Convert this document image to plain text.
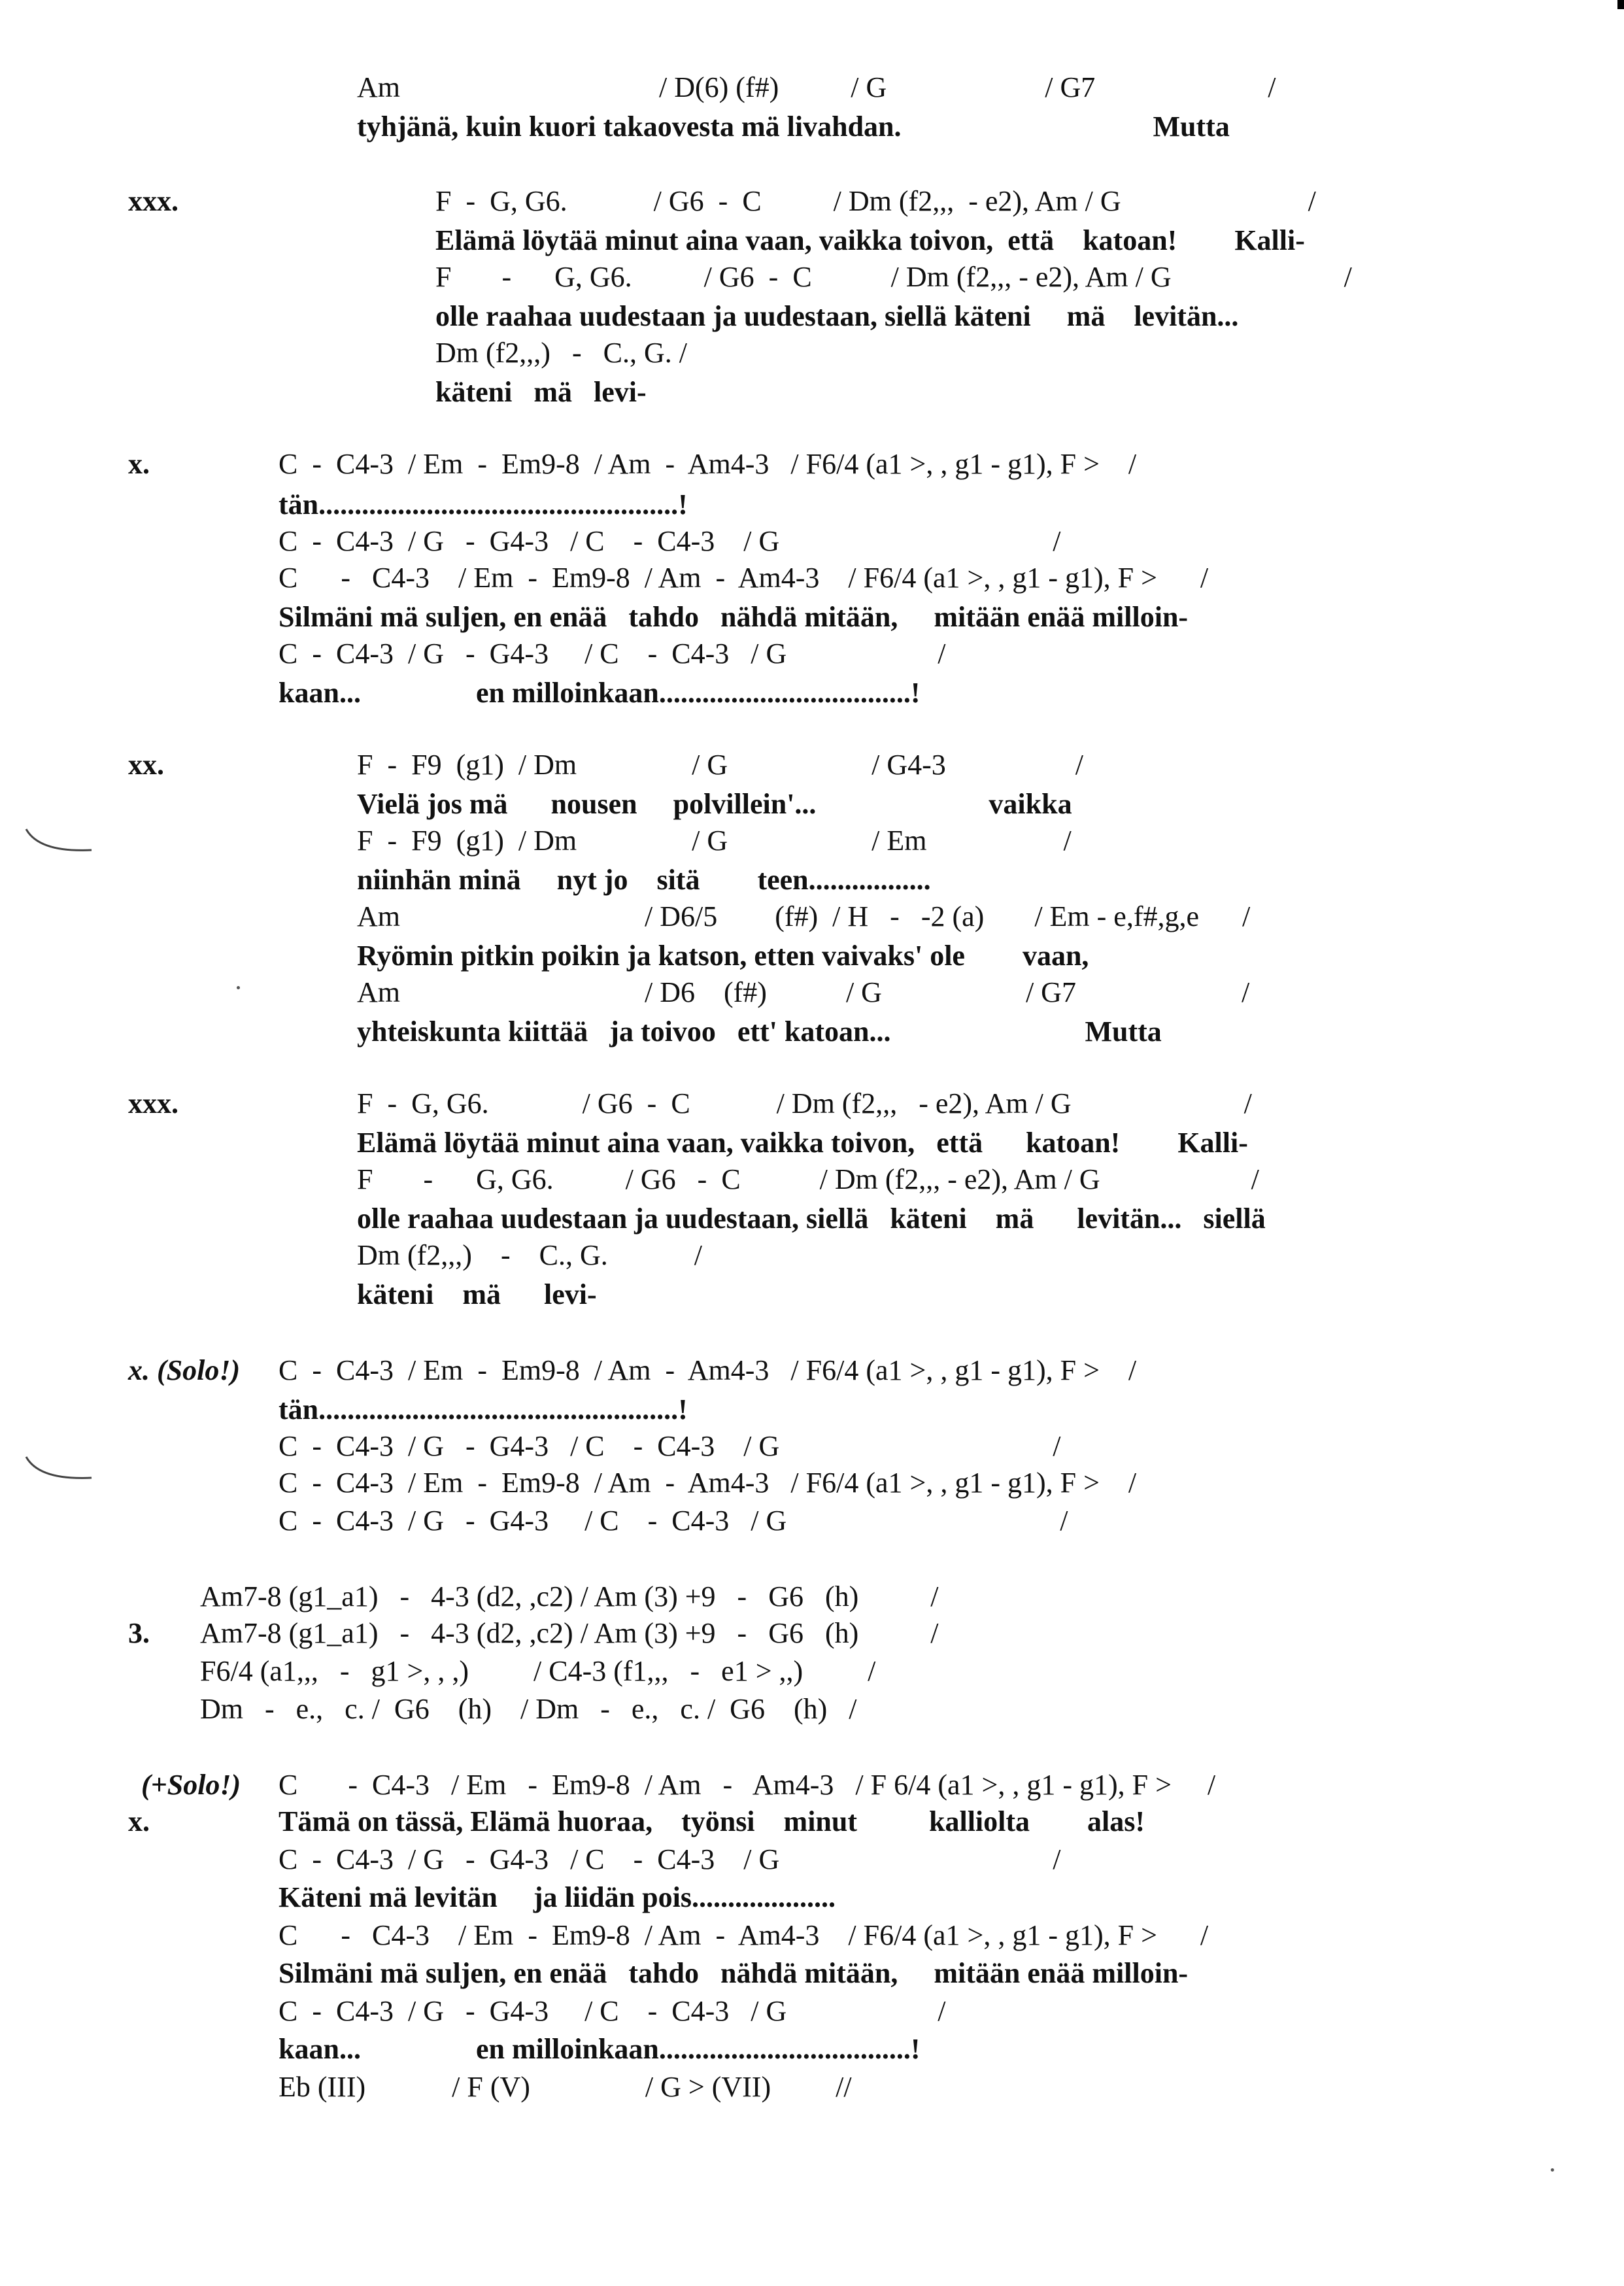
xxx.
x.
xx.
xxx.
x. (Solo!)
3.
(+Solo!)
x.
Am                                    / D(6) (f#)          / G                      / G7                        /
tyhjänä, kuin kuori takaovesta mä livahdan.                                   Mutta
F  -  G, G6.            / G6  -  C          / Dm (f2,,,  - e2), Am / G                          /
Elämä löytää minut aina vaan, vaikka toivon,  että    katoan!        Kalli-
F       -      G, G6.          / G6  -  C           / Dm (f2,,, - e2), Am / G                        /
olle raahaa uudestaan ja uudestaan, siellä käteni     mä    levitän...
Dm (f2,,,)   -   C., G. /
käteni   mä   levi-
C  -  C4-3  / Em  -  Em9-8  / Am  -  Am4-3   / F6/4 (a1 >, , g1 - g1), F >    /
tän..................................................!
C  -  C4-3  / G   -  G4-3   / C    -  C4-3    / G                                      /
C      -   C4-3    / Em  -  Em9-8  / Am  -  Am4-3    / F6/4 (a1 >, , g1 - g1), F >      /
Silmäni mä suljen, en enää   tahdo   nähdä mitään,     mitään enää milloin-
C  -  C4-3  / G   -  G4-3     / C    -  C4-3   / G                     /
kaan...                en milloinkaan...................................!
F  -  F9  (g1)  / Dm                / G                    / G4-3                  /
Vielä jos mä      nousen     polvillein'...                        vaikka
F  -  F9  (g1)  / Dm                / G                    / Em                   /
niinhän minä     nyt jo    sitä        teen.................
Am                                  / D6/5        (f#)  / H   -   -2 (a)       / Em - e,f#,g,e      /
Ryömin pitkin poikin ja katson, etten vaivaks' ole        vaan,
Am                                  / D6    (f#)           / G                    / G7                       /
yhteiskunta kiittää   ja toivoo   ett' katoan...                           Mutta
F  -  G, G6.             / G6  -  C            / Dm (f2,,,   - e2), Am / G                        /
Elämä löytää minut aina vaan, vaikka toivon,   että      katoan!        Kalli-
F       -      G, G6.          / G6   -  C           / Dm (f2,,, - e2), Am / G                     /
olle raahaa uudestaan ja uudestaan, siellä   käteni    mä      levitän...   siellä
Dm (f2,,,)    -    C., G.            /
käteni    mä      levi-
C  -  C4-3  / Em  -  Em9-8  / Am  -  Am4-3   / F6/4 (a1 >, , g1 - g1), F >    /
tän..................................................!
C  -  C4-3  / G   -  G4-3   / C    -  C4-3    / G                                      /
C  -  C4-3  / Em  -  Em9-8  / Am  -  Am4-3   / F6/4 (a1 >, , g1 - g1), F >    /
C  -  C4-3  / G   -  G4-3     / C    -  C4-3   / G                                      /
Am7-8 (g1_a1)   -   4-3 (d2, ,c2) / Am (3) +9   -   G6   (h)          /
Am7-8 (g1_a1)   -   4-3 (d2, ,c2) / Am (3) +9   -   G6   (h)          /
F6/4 (a1,,,   -   g1 >, , ,)         / C4-3 (f1,,,   -   e1 > ,,)         /
Dm   -   e.,   c. /  G6    (h)    / Dm   -   e.,   c. /  G6    (h)   /
C       -  C4-3   / Em   -  Em9-8  / Am   -   Am4-3   / F 6/4 (a1 >, , g1 - g1), F >     /
Tämä on tässä, Elämä huoraa,    työnsi    minut          kalliolta        alas!
C  -  C4-3  / G   -  G4-3   / C    -  C4-3    / G                                      /
Käteni mä levitän     ja liidän pois....................
C      -   C4-3    / Em  -  Em9-8  / Am  -  Am4-3    / F6/4 (a1 >, , g1 - g1), F >      /
Silmäni mä suljen, en enää   tahdo   nähdä mitään,     mitään enää milloin-
C  -  C4-3  / G   -  G4-3     / C    -  C4-3   / G                     /
kaan...                en milloinkaan...................................!
Eb (III)            / F (V)                / G > (VII)         //
